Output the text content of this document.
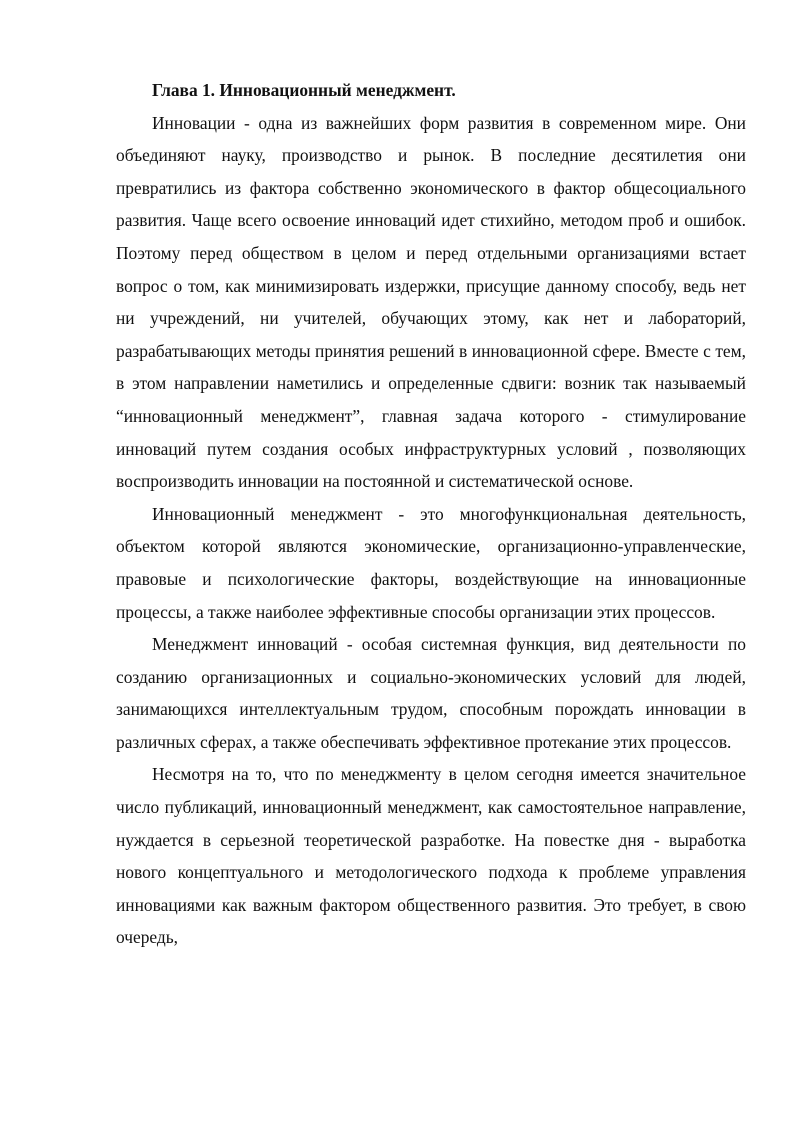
Глава 1. Инновационный менеджмент.

Инновации - одна из важнейших форм развития в современном мире. Они объединяют науку, производство и рынок. В последние десятилетия они превратились из фактора собственно экономического в фактор общесоциального развития. Чаще всего освоение инноваций идет стихийно, методом проб и ошибок. Поэтому перед обществом в целом и перед отдельными организациями встает вопрос о том, как минимизировать издержки, присущие данному способу, ведь нет ни учреждений, ни учителей, обучающих этому, как нет и лабораторий, разрабатывающих методы принятия решений в инновационной сфере. Вместе с тем, в этом направлении наметились и определенные сдвиги: возник так называемый “инновационный менеджмент”, главная задача которого - стимулирование инноваций путем создания особых инфраструктурных условий , позволяющих воспроизводить инновации на постоянной и систематической основе.

Инновационный менеджмент - это многофункциональная деятельность, объектом которой являются экономические, организационно-управленческие, правовые и психологические факторы, воздействующие на инновационные процессы, а также наиболее эффективные способы организации этих процессов.

Менеджмент инноваций - особая системная функция, вид деятельности по созданию организационных и социально-экономических условий для людей, занимающихся интеллектуальным трудом, способным порождать инновации в различных сферах, а также обеспечивать эффективное протекание этих процессов.

Несмотря на то, что по менеджменту в целом сегодня имеется значительное число публикаций, инновационный менеджмент, как самостоятельное направление, нуждается в серьезной теоретической разработке. На повестке дня - выработка нового концептуального и методологического подхода к проблеме управления инновациями как важным фактором общественного развития. Это требует, в свою очередь,
